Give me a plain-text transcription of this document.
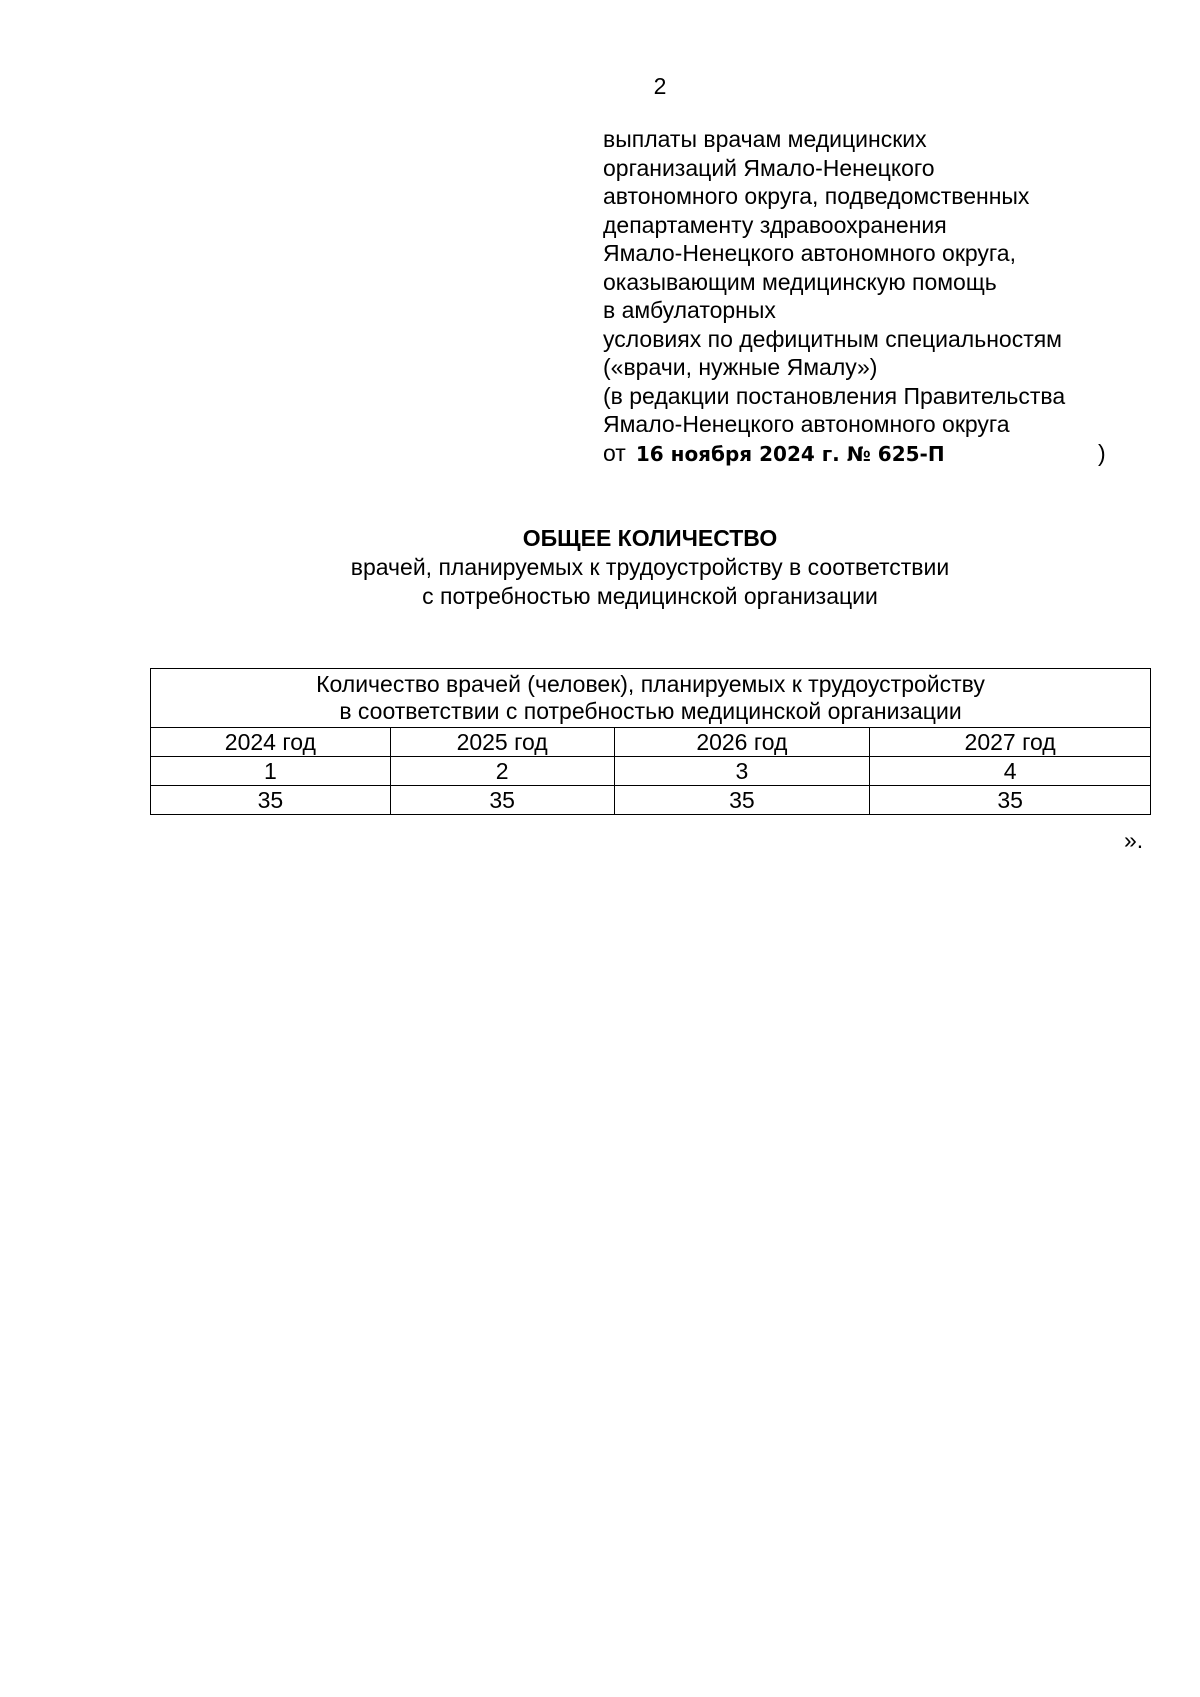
2
выплаты врачам медицинских
организаций Ямало-Ненецкого
автономного округа, подведомственных
департаменту здравоохранения
Ямало-Ненецкого автономного округа,
оказывающим медицинскую помощь
в амбулаторных
условиях по дефицитным специальностям
(«врачи, нужные Ямалу»)
(в редакции постановления Правительства
Ямало-Ненецкого автономного округа
от 16 ноября 2024 г. № 625-П	)
ОБЩЕЕ КОЛИЧЕСТВО
врачей, планируемых к трудоустройству в соответствии
с потребностью медицинской организации
Количество врачей (человек), планируемых к трудоустройству
в соответствии с потребностью медицинской организации			

2024 год	2025 год	2026 год	2027 год
1	2	3	4
35	35	35	35
».
